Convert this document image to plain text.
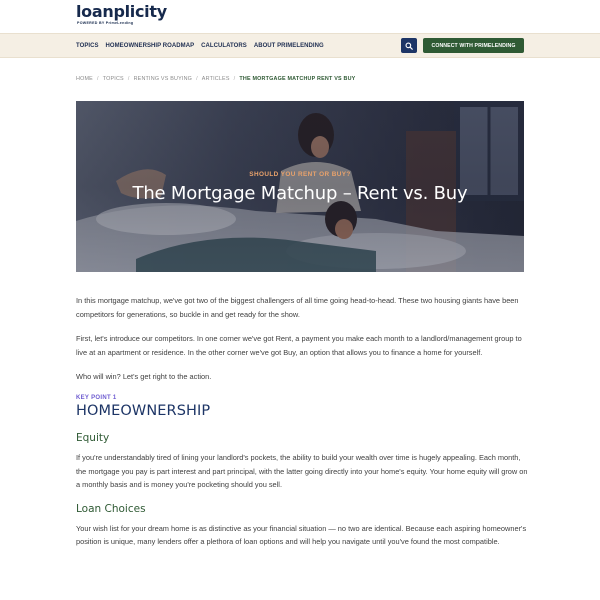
loanplicity
POWERED BY PrimeLending
TOPICS HOMEOWNERSHIP ROADMAP CALCULATORS ABOUT PRIMELENDING	CONNECT WITH PRIMELENDING
HOME / TOPICS / RENTING VS BUYING / ARTICLES / THE MORTGAGE MATCHUP RENT VS BUY
SHOULD YOU RENT OR BUY?
The Mortgage Matchup – Rent vs. Buy

In this mortgage matchup, we've got two of the biggest challengers of all time going head-to-head. These two housing giants have been competitors for generations, so buckle in and get ready for the show.

First, let's introduce our competitors. In one corner we've got Rent, a payment you make each month to a landlord/management group to live at an apartment or residence. In the other corner we've got Buy, an option that allows you to finance a home for yourself.

Who will win? Let's get right to the action.

KEY POINT 1
HOMEOWNERSHIP
Equity

If you're understandably tired of lining your landlord's pockets, the ability to build your wealth over time is hugely appealing. Each month, the mortgage you pay is part interest and part principal, with the latter going directly into your home's equity. Your home equity will grow on a monthly basis and is money you're pocketing should you sell.

Loan Choices

Your wish list for your dream home is as distinctive as your financial situation — no two are identical. Because each aspiring homeowner's position is unique, many lenders offer a plethora of loan options and will help you navigate until you've found the most compatible.
